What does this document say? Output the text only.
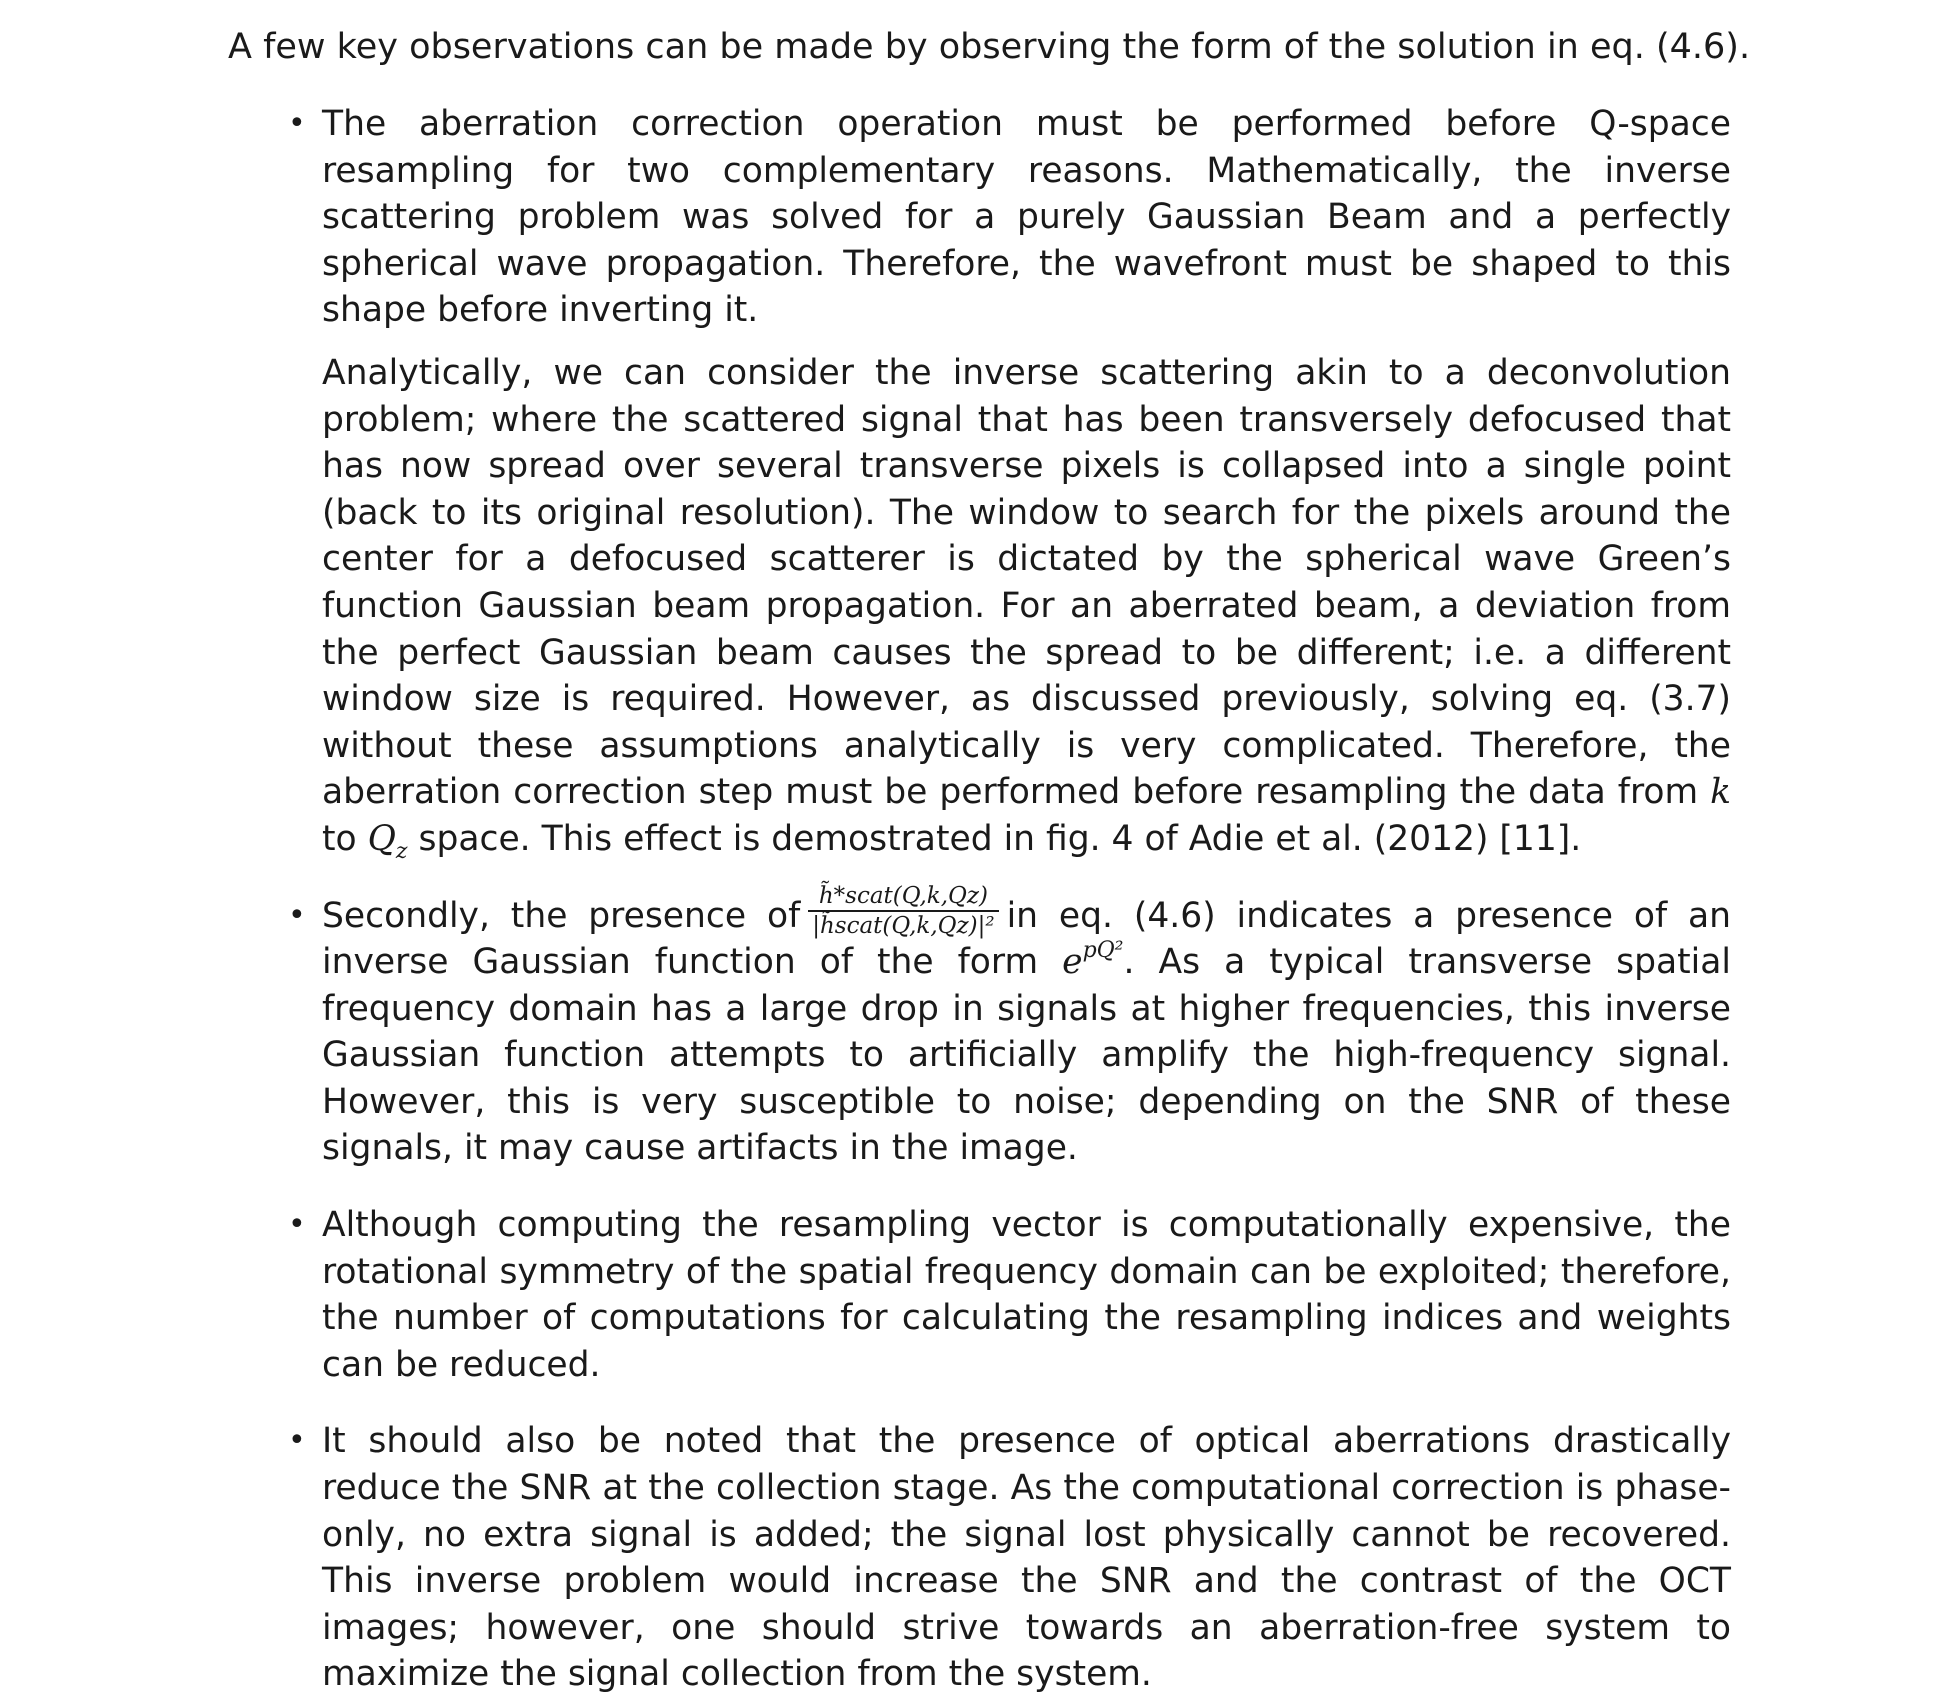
A few key observations can be made by observing the form of the solution in eq. (4.6).
• The aberration correction operation must be performed before Q-space resampling for two complementary reasons. Mathematically, the inverse scattering problem was solved for a purely Gaussian Beam and a perfectly spherical wave propagation. Therefore, the wavefront must be shaped to this shape before inverting it.

Analytically, we can consider the inverse scattering akin to a deconvolution problem; where the scattered signal that has been transversely defocused that has now spread over several transverse pixels is collapsed into a single point (back to its original resolution). The window to search for the pixels around the center for a defocused scatterer is dictated by the spherical wave Green’s function Gaussian beam propagation. For an aberrated beam, a deviation from the perfect Gaussian beam causes the spread to be different; i.e. a different window size is required. However, as discussed previously, solving eq. (3.7) without these assumptions analytically is very complicated. Therefore, the aberration correction step must be performed before resampling the data from k to $Q_z$ space. This effect is demostrated in fig. 4 of Adie et al. (2012) [11].

• Secondly, the presence of $\frac{\text{h̃*scat(Q,k,Qz)}}{\text{|h̃scat(Q,k,Qz)|²}}$ in eq. (4.6) indicates a presence of an inverse Gaussian function of the form $e^{pQ^2}$. As a typical transverse spatial frequency domain has a large drop in signals at higher frequencies, this inverse Gaussian function attempts to artificially amplify the high-frequency signal. However, this is very susceptible to noise; depending on the SNR of these signals, it may cause artifacts in the image.

• Although computing the resampling vector is computationally expensive, the rotational symmetry of the spatial frequency domain can be exploited; therefore, the number of computations for calculating the resampling indices and weights can be reduced.

• It should also be noted that the presence of optical aberrations drastically reduce the SNR at the collection stage. As the computational correction is phase-only, no extra signal is added; the signal lost physically cannot be recovered. This inverse problem would increase the SNR and the contrast of the OCT images; however, one should strive towards an aberration-free system to maximize the signal collection from the system.
